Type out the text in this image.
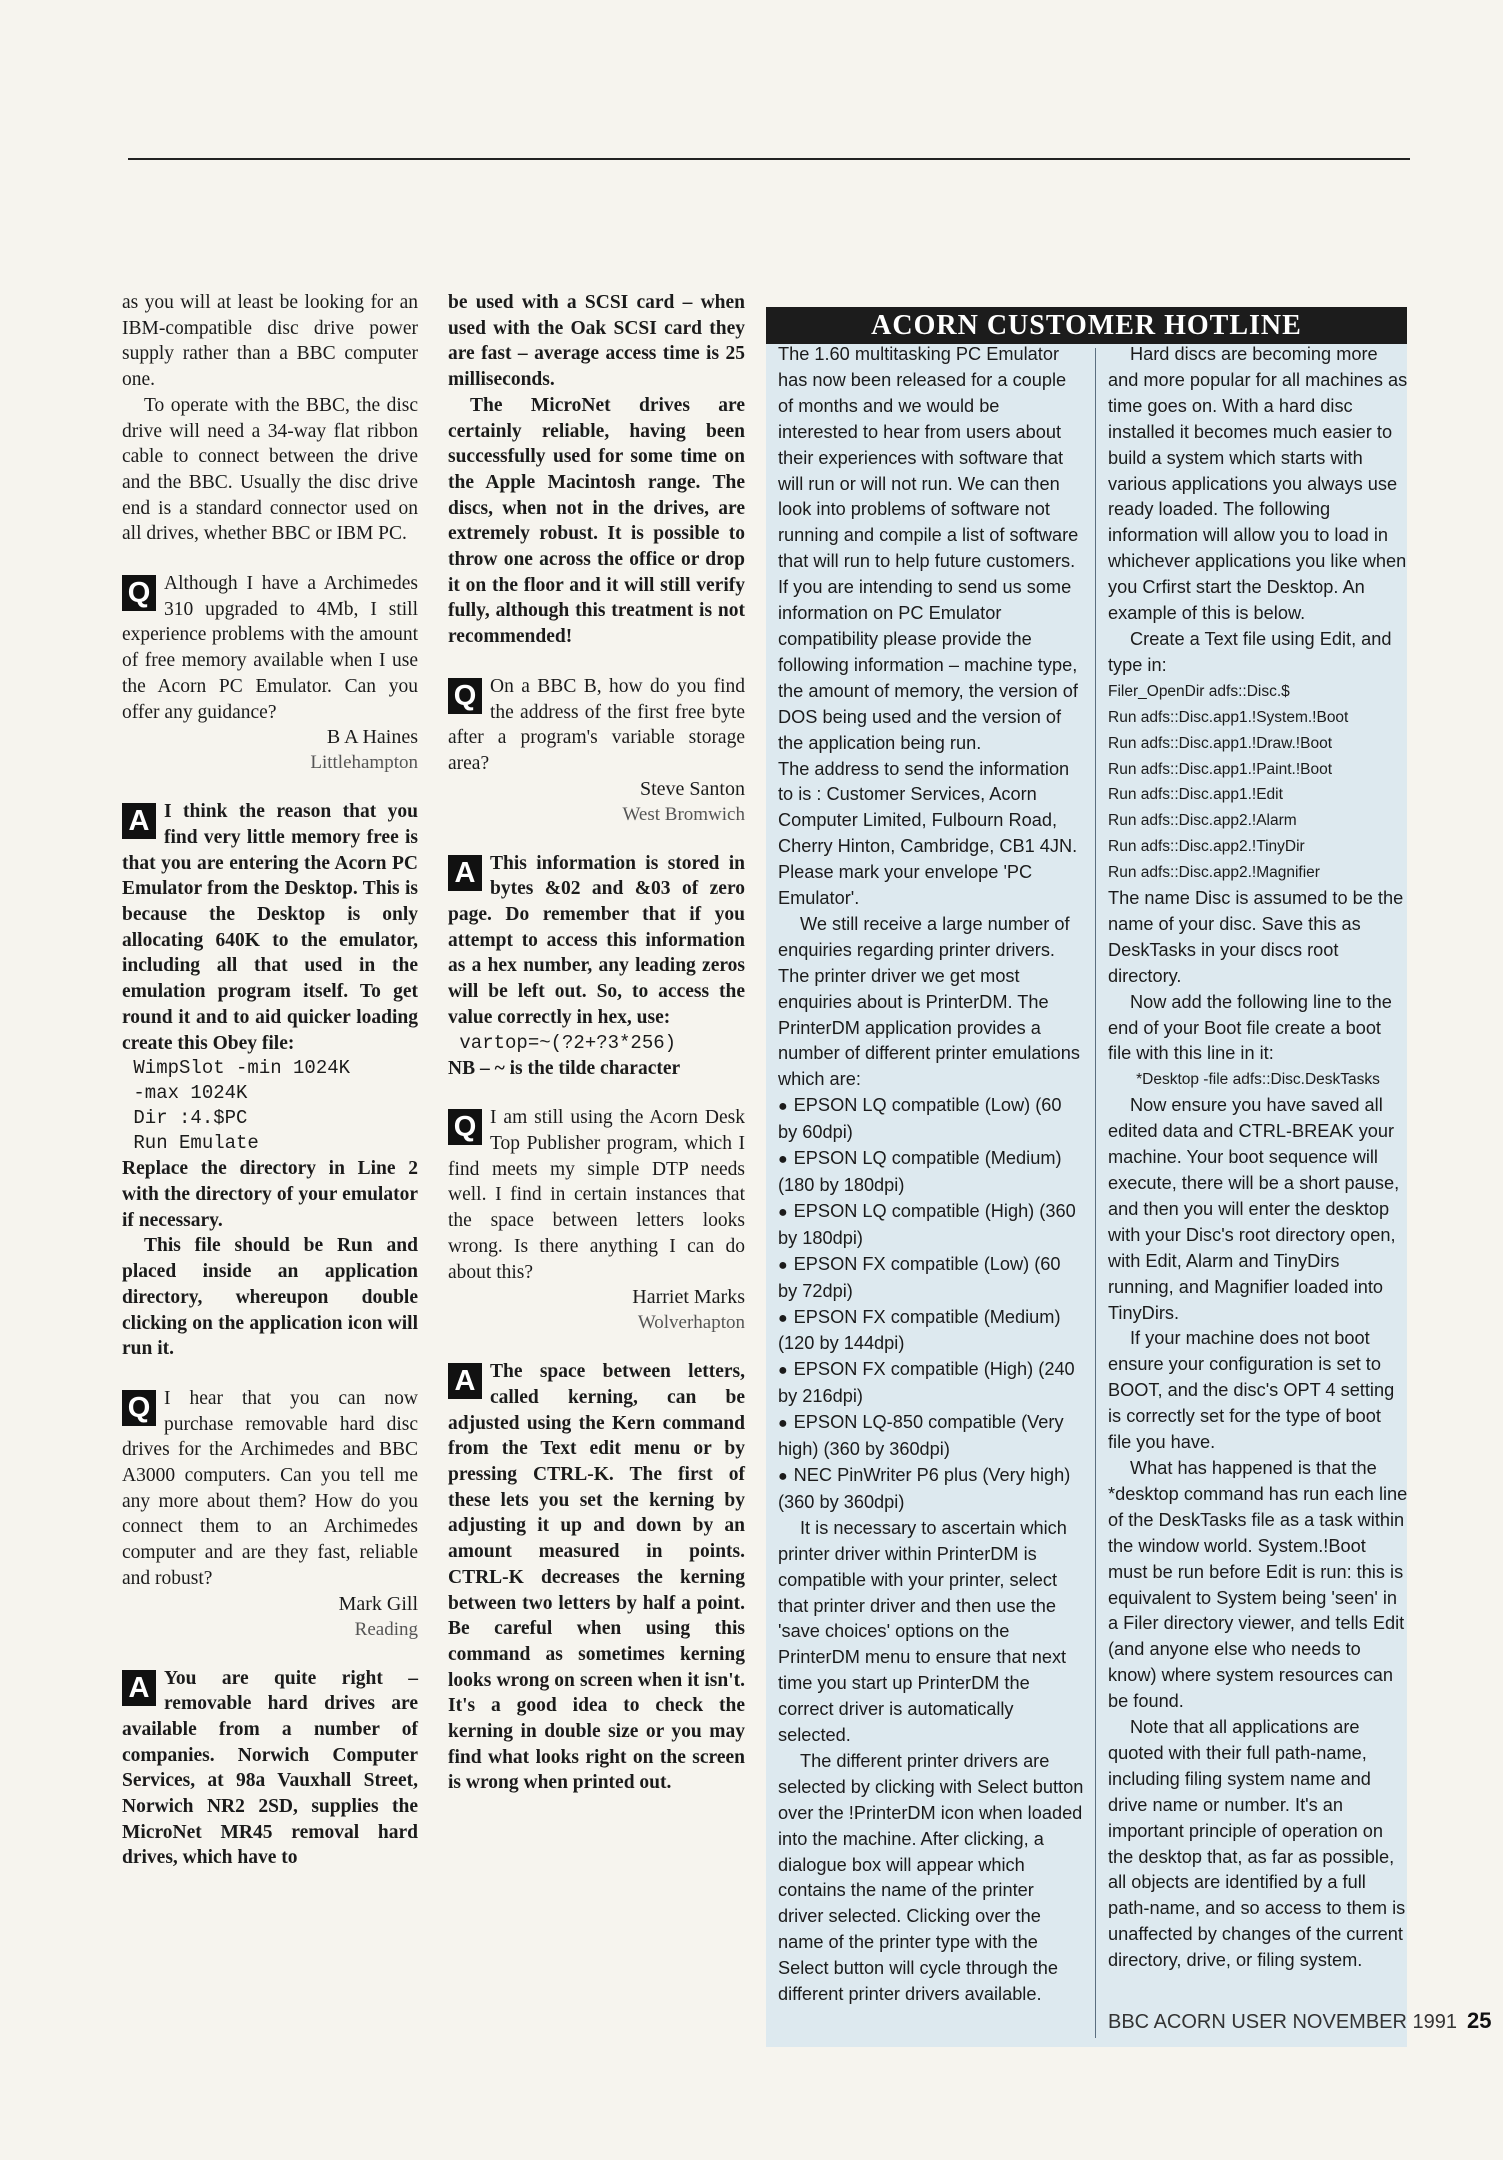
as you will at least be looking for an IBM-compatible disc drive power supply rather than a BBC computer one.

To operate with the BBC, the disc drive will need a 34-way flat ribbon cable to connect between the drive and the BBC. Usually the disc drive end is a standard connector used on all drives, whether BBC or IBM PC.

Q Although I have a Archimedes 310 upgraded to 4Mb, I still experience problems with the amount of free memory available when I use the Acorn PC Emulator. Can you offer any guidance?

B A Haines
Littlehampton
A I think the reason that you find very little memory free is that you are entering the Acorn PC Emulator from the Desktop. This is because the Desktop is only allocating 640K to the emulator, including all that used in the emulation program itself. To get round it and to aid quicker loading create this Obey file:

WimpSlot -min 1024K
-max 1024K
Dir :4.$PC
Run Emulate

Replace the directory in Line 2 with the directory of your emulator if necessary.

This file should be Run and placed inside an application directory, whereupon double clicking on the application icon will run it.

Q I hear that you can now purchase removable hard disc drives for the Archimedes and BBC A3000 computers. Can you tell me any more about them? How do you connect them to an Archimedes computer and are they fast, reliable and robust?

Mark Gill
Reading
A You are quite right – removable hard drives are available from a number of companies. Norwich Computer Services, at 98a Vauxhall Street, Norwich NR2 2SD, supplies the MicroNet MR45 removal hard drives, which have to

be used with a SCSI card – when used with the Oak SCSI card they are fast – average access time is 25 milliseconds.

The MicroNet drives are certainly reliable, having been successfully used for some time on the Apple Macintosh range. The discs, when not in the drives, are extremely robust. It is possible to throw one across the office or drop it on the floor and it will still verify fully, although this treatment is not recommended!

Q On a BBC B, how do you find the address of the first free byte after a program's variable storage area?

Steve Santon
West Bromwich
A This information is stored in bytes &02 and &03 of zero page. Do remember that if you attempt to access this information as a hex number, any leading zeros will be left out. So, to access the value correctly in hex, use:

vartop=~(?2+?3*256)

NB – ~ is the tilde character

Q I am still using the Acorn Desk Top Publisher program, which I find meets my simple DTP needs well. I find in certain instances that the space between letters looks wrong. Is there anything I can do about this?

Harriet Marks
Wolverhapton
A The space between letters, called kerning, can be adjusted using the Kern command from the Text edit menu or by pressing CTRL-K. The first of these lets you set the kerning by adjusting it up and down by an amount measured in points. CTRL-K decreases the kerning between two letters by half a point. Be careful when using this command as sometimes kerning looks wrong on screen when it isn't. It's a good idea to check the kerning in double size or you may find what looks right on the screen is wrong when printed out.

ACORN CUSTOMER HOTLINE

The 1.60 multitasking PC Emulator has now been released for a couple of months and we would be interested to hear from users about their experiences with software that will run or will not run. We can then look into problems of software not running and compile a list of software that will run to help future customers. If you are intending to send us some information on PC Emulator compatibility please provide the following information – machine type, the amount of memory, the version of DOS being used and the version of the application being run.

The address to send the information to is : Customer Services, Acorn Computer Limited, Fulbourn Road, Cherry Hinton, Cambridge, CB1 4JN. Please mark your envelope 'PC Emulator'.

We still receive a large number of enquiries regarding printer drivers. The printer driver we get most enquiries about is PrinterDM. The PrinterDM application provides a number of different printer emulations which are:

● EPSON LQ compatible (Low) (60 by 60dpi)
● EPSON LQ compatible (Medium) (180 by 180dpi)
● EPSON LQ compatible (High) (360 by 180dpi)
● EPSON FX compatible (Low) (60 by 72dpi)
● EPSON FX compatible (Medium) (120 by 144dpi)
● EPSON FX compatible (High) (240 by 216dpi)
● EPSON LQ-850 compatible (Very high) (360 by 360dpi)
● NEC PinWriter P6 plus (Very high) (360 by 360dpi)

It is necessary to ascertain which printer driver within PrinterDM is compatible with your printer, select that printer driver and then use the 'save choices' options on the PrinterDM menu to ensure that next time you start up PrinterDM the correct driver is automatically selected.

The different printer drivers are selected by clicking with Select button over the !PrinterDM icon when loaded into the machine. After clicking, a dialogue box will appear which contains the name of the printer driver selected. Clicking over the name of the printer type with the Select button will cycle through the different printer drivers available.

Hard discs are becoming more and more popular for all machines as time goes on. With a hard disc installed it becomes much easier to build a system which starts with various applications you always use ready loaded. The following information will allow you to load in whichever applications you like when you Crfirst start the Desktop. An example of this is below.

Create a Text file using Edit, and type in:

Filer_OpenDir adfs::Disc.$
Run adfs::Disc.app1.!System.!Boot
Run adfs::Disc.app1.!Draw.!Boot
Run adfs::Disc.app1.!Paint.!Boot
Run adfs::Disc.app1.!Edit
Run adfs::Disc.app2.!Alarm
Run adfs::Disc.app2.!TinyDir
Run adfs::Disc.app2.!Magnifier

The name Disc is assumed to be the name of your disc. Save this as DeskTasks in your discs root directory.

Now add the following line to the end of your Boot file create a boot file with this line in it:

*Desktop -file adfs::Disc.DeskTasks

Now ensure you have saved all edited data and CTRL-BREAK your machine. Your boot sequence will execute, there will be a short pause, and then you will enter the desktop with your Disc's root directory open, with Edit, Alarm and TinyDirs running, and Magnifier loaded into TinyDirs.

If your machine does not boot ensure your configuration is set to BOOT, and the disc's OPT 4 setting is correctly set for the type of boot file you have.

What has happened is that the *desktop command has run each line of the DeskTasks file as a task within the window world. System.!Boot must be run before Edit is run: this is equivalent to System being 'seen' in a Filer directory viewer, and tells Edit (and anyone else who needs to know) where system resources can be found.

Note that all applications are quoted with their full path-name, including filing system name and drive name or number. It's an important principle of operation on the desktop that, as far as possible, all objects are identified by a full path-name, and so access to them is unaffected by changes of the current directory, drive, or filing system.

BBC ACORN USER NOVEMBER 1991 25
